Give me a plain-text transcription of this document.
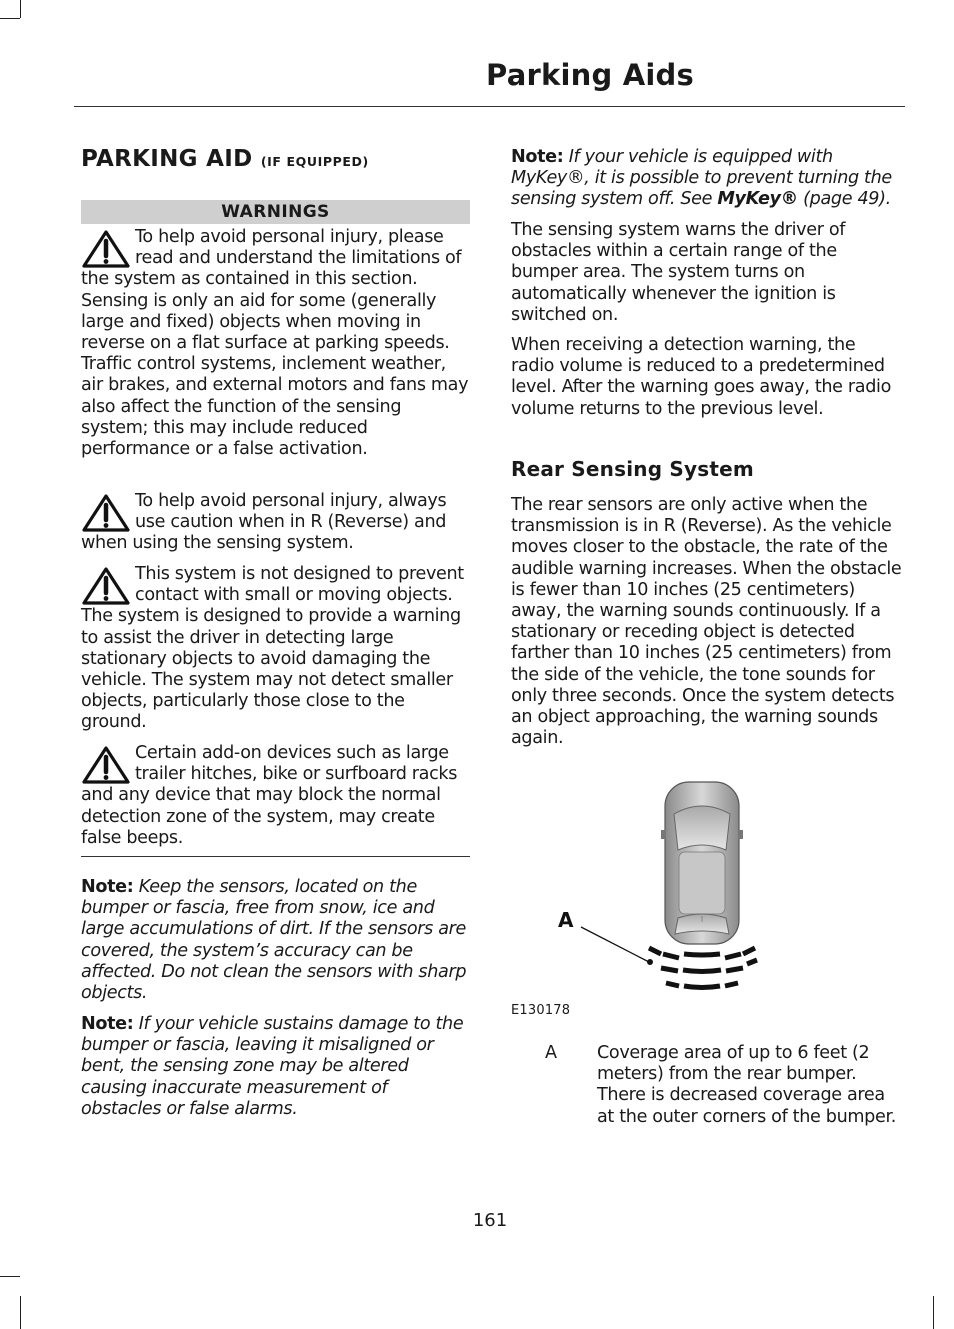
Parking Aids
PARKING AID (IF EQUIPPED)
WARNINGS

To help avoid personal injury, please read and understand the limitations of the system as contained in this section. Sensing is only an aid for some (generally large and fixed) objects when moving in reverse on a flat surface at parking speeds. Traffic control systems, inclement weather, air brakes, and external motors and fans may also affect the function of the sensing system; this may include reduced performance or a false activation.

To help avoid personal injury, always use caution when in R (Reverse) and when using the sensing system.

This system is not designed to prevent contact with small or moving objects. The system is designed to provide a warning to assist the driver in detecting large stationary objects to avoid damaging the vehicle. The system may not detect smaller objects, particularly those close to the ground.

Certain add-on devices such as large trailer hitches, bike or surfboard racks and any device that may block the normal detection zone of the system, may create false beeps.

Note: Keep the sensors, located on the bumper or fascia, free from snow, ice and large accumulations of dirt. If the sensors are covered, the system’s accuracy can be affected. Do not clean the sensors with sharp objects.

Note: If your vehicle sustains damage to the bumper or fascia, leaving it misaligned or bent, the sensing zone may be altered causing inaccurate measurement of obstacles or false alarms.

Note: If your vehicle is equipped with MyKey®, it is possible to prevent turning the sensing system off. See MyKey® (page 49).

The sensing system warns the driver of obstacles within a certain range of the bumper area. The system turns on automatically whenever the ignition is switched on.

When receiving a detection warning, the radio volume is reduced to a predetermined level. After the warning goes away, the radio volume returns to the previous level.

Rear Sensing System

The rear sensors are only active when the transmission is in R (Reverse). As the vehicle moves closer to the obstacle, the rate of the audible warning increases. When the obstacle is fewer than 10 inches (25 centimeters) away, the warning sounds continuously. If a stationary or receding object is detected farther than 10 inches (25 centimeters) from the side of the vehicle, the tone sounds for only three seconds. Once the system detects an object approaching, the warning sounds again.

A
E130178
A Coverage area of up to 6 feet (2 meters) from the rear bumper. There is decreased coverage area at the outer corners of the bumper.

161
